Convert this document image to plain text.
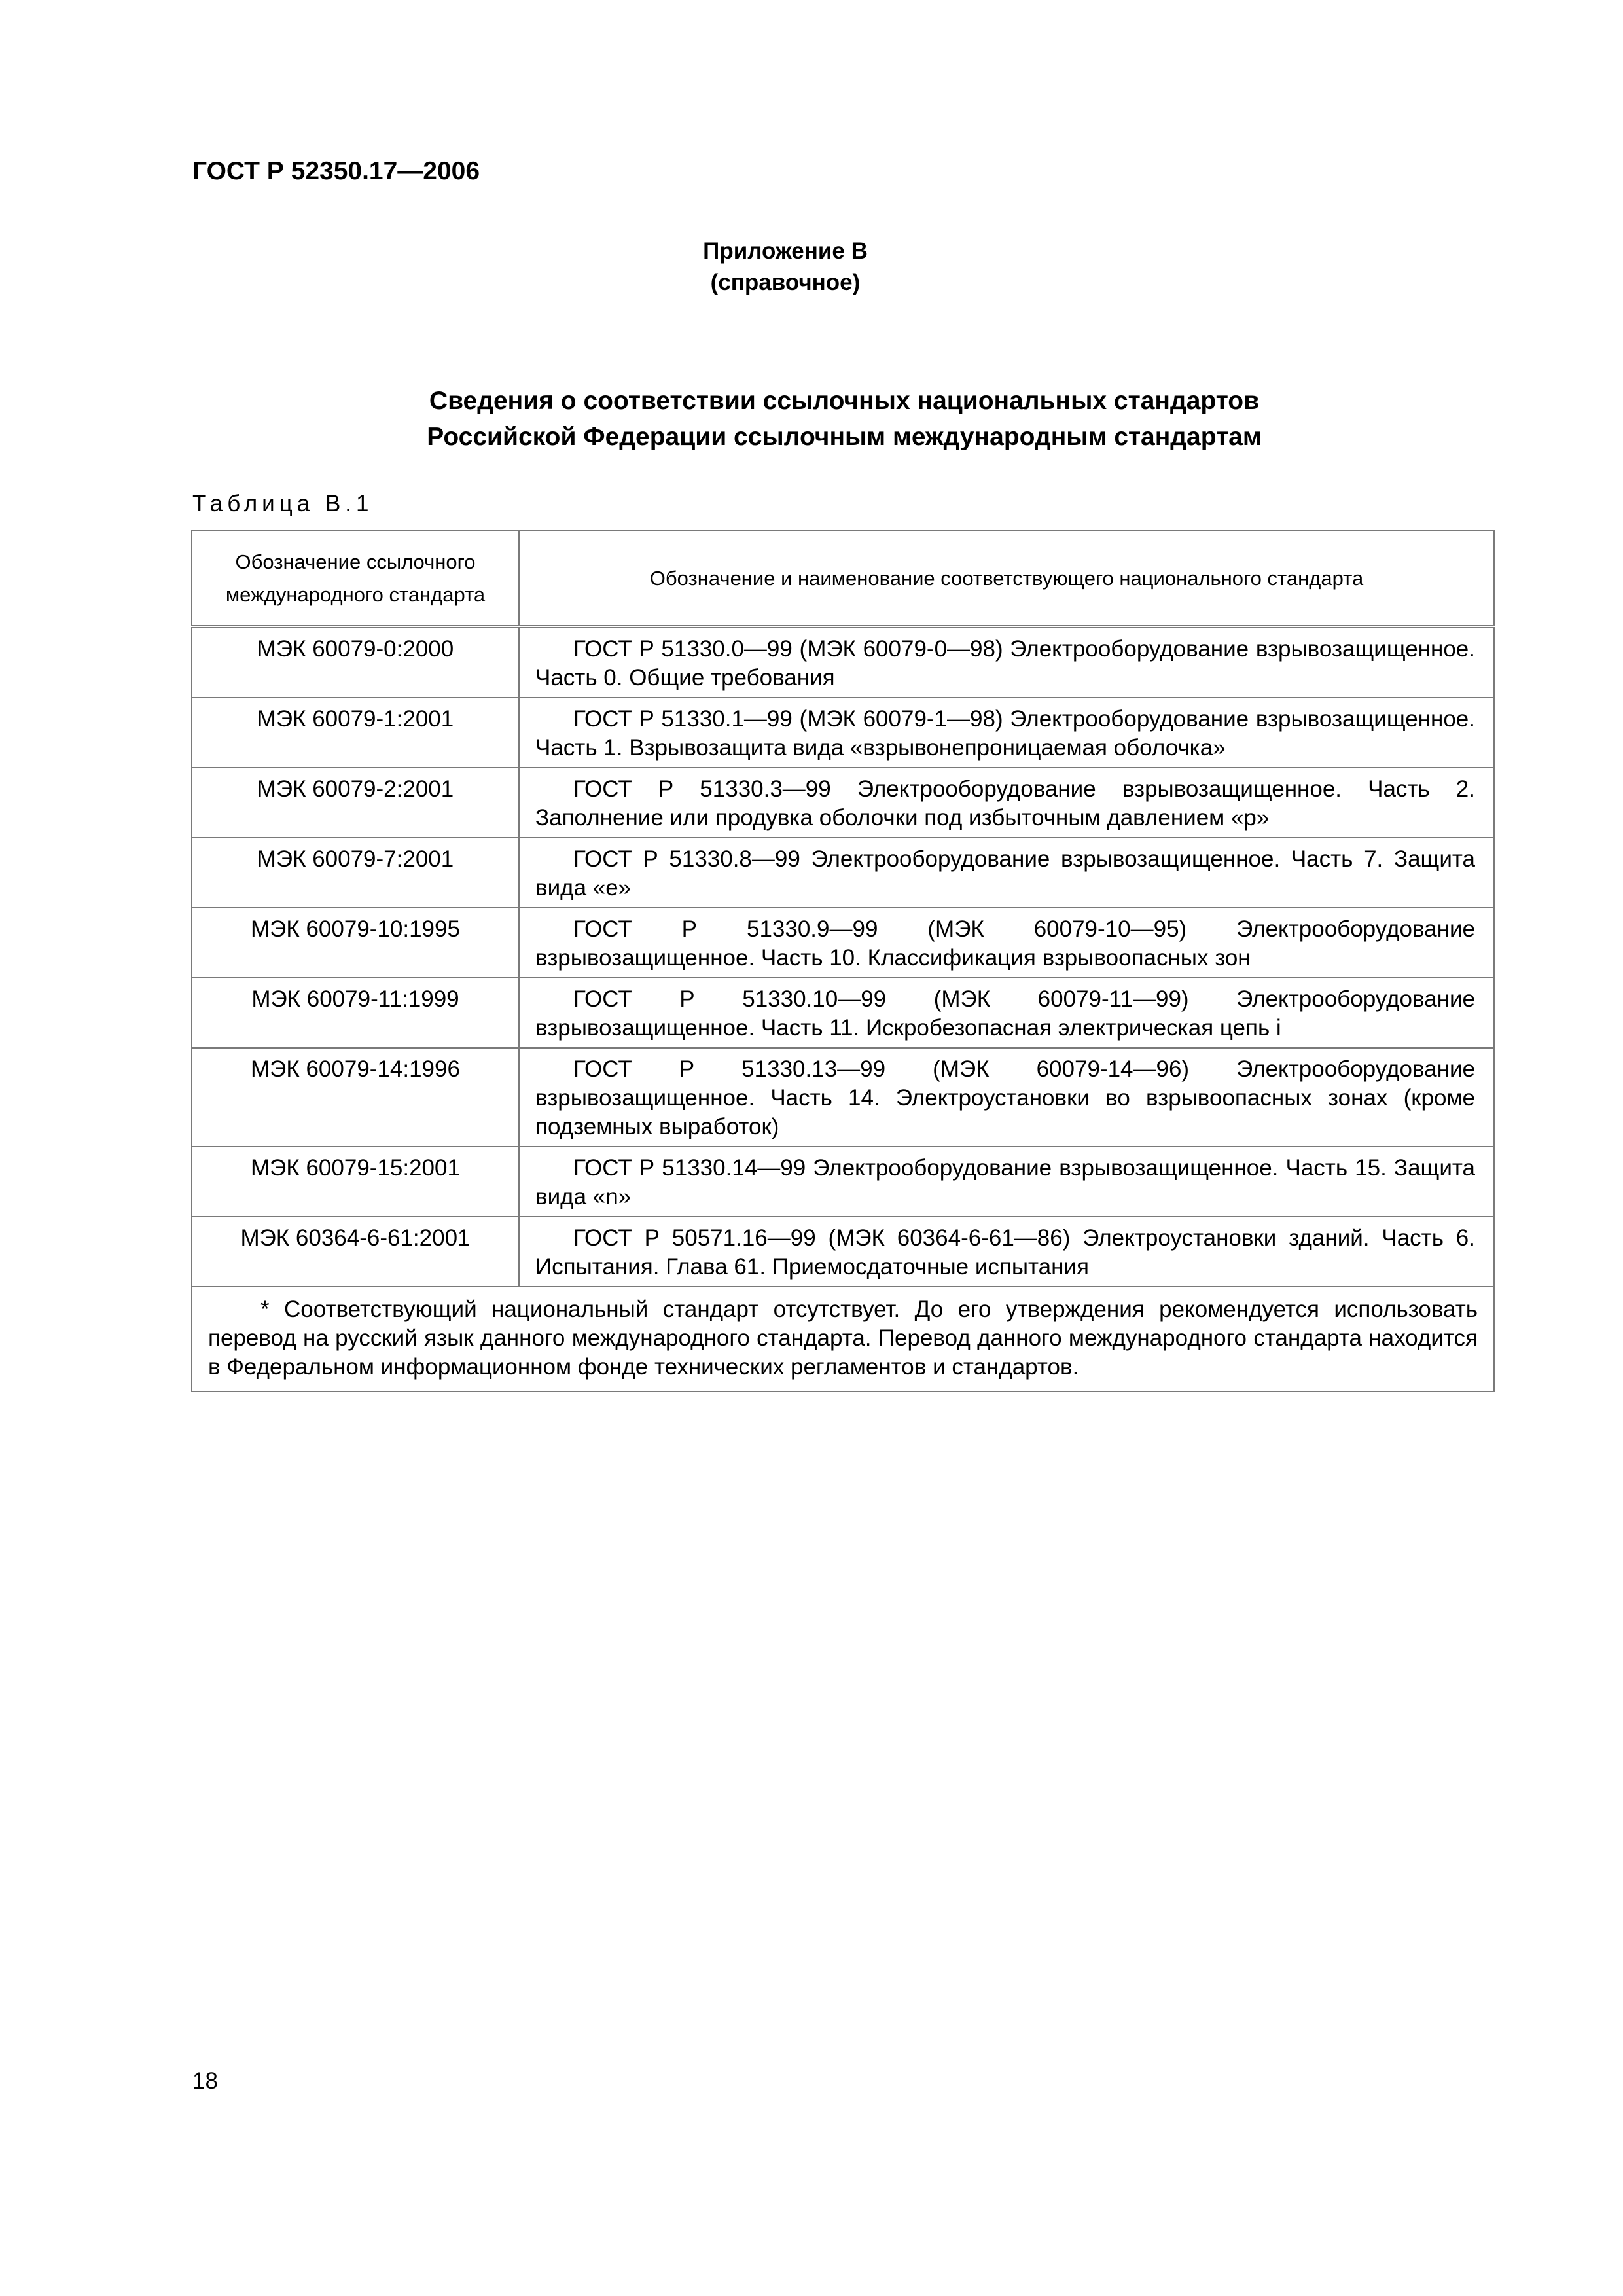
ГОСТ Р 52350.17—2006
Приложение В
(справочное)
Сведения о соответствии ссылочных национальных стандартов
Российской Федерации ссылочным международным стандартам
Таблица В.1
Обозначение ссылочного международного стандарта	Обозначение и наименование соответствующего национального стандарта
МЭК 60079-0:2000	ГОСТ Р 51330.0—99 (МЭК 60079-0—98) Электрооборудование взрывозащищенное. Часть 0. Общие требования
МЭК 60079-1:2001	ГОСТ Р 51330.1—99 (МЭК 60079-1—98) Электрооборудование взрывозащищенное. Часть 1. Взрывозащита вида «взрывонепроницаемая оболочка»
МЭК 60079-2:2001	ГОСТ Р 51330.3—99 Электрооборудование взрывозащищенное. Часть 2. Заполнение или продувка оболочки под избыточным давлением «р»
МЭК 60079-7:2001	ГОСТ Р 51330.8—99 Электрооборудование взрывозащищенное. Часть 7. Защита вида «е»
МЭК 60079-10:1995	ГОСТ Р 51330.9—99 (МЭК 60079-10—95) Электрооборудование взрывозащищенное. Часть 10. Классификация взрывоопасных зон
МЭК 60079-11:1999	ГОСТ Р 51330.10—99 (МЭК 60079-11—99) Электрооборудование взрывозащищенное. Часть 11. Искробезопасная электрическая цепь i
МЭК 60079-14:1996	ГОСТ Р 51330.13—99 (МЭК 60079-14—96) Электрооборудование взрывозащищенное. Часть 14. Электроустановки во взрывоопасных зонах (кроме подземных выработок)
МЭК 60079-15:2001	ГОСТ Р 51330.14—99 Электрооборудование взрывозащищенное. Часть 15. Защита вида «n»
МЭК 60364-6-61:2001	ГОСТ Р 50571.16—99 (МЭК 60364-6-61—86) Электроустановки зданий. Часть 6. Испытания. Глава 61. Приемосдаточные испытания
* Соответствующий национальный стандарт отсутствует. До его утверждения рекомендуется использовать перевод на русский язык данного международного стандарта. Перевод данного международного стандарта находится в Федеральном информационном фонде технических регламентов и стандартов.	
18
